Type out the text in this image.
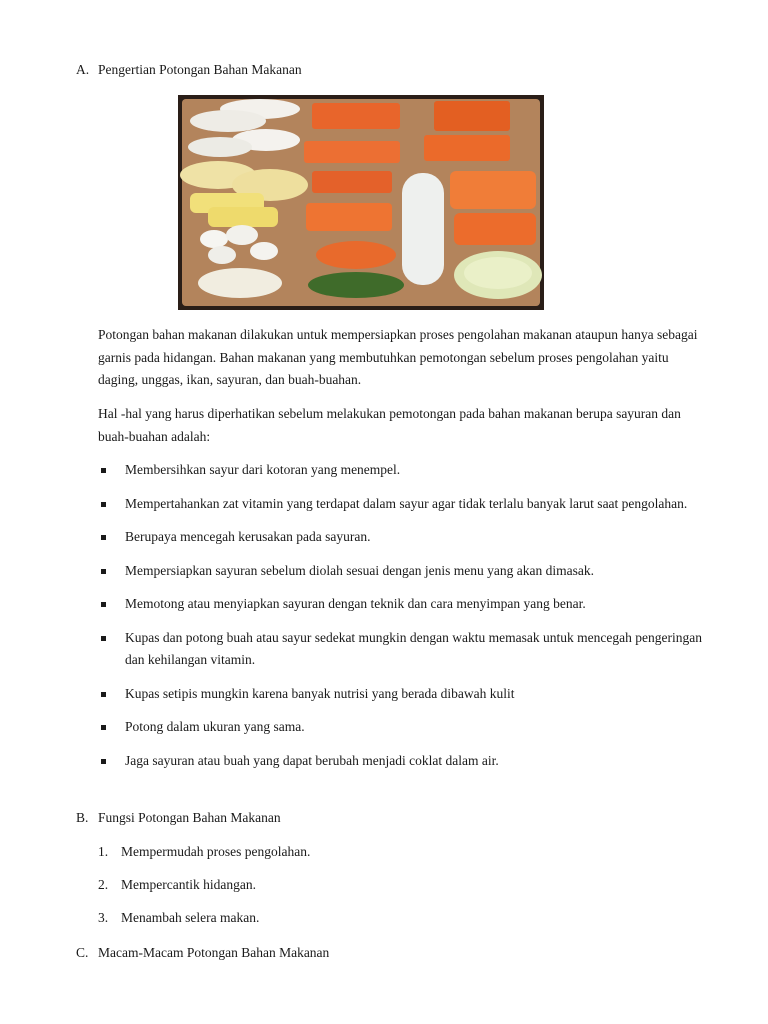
A. Pengertian Potongan Bahan Makanan
Potongan bahan makanan dilakukan untuk mempersiapkan proses pengolahan makanan ataupun hanya sebagai garnis pada hidangan. Bahan makanan yang membutuhkan pemotongan sebelum proses pengolahan yaitu daging, unggas, ikan, sayuran, dan buah-buahan.
Hal -hal yang harus diperhatikan sebelum melakukan pemotongan pada bahan makanan berupa sayuran dan buah-buahan adalah:
Membersihkan sayur dari kotoran yang menempel.
Mempertahankan zat vitamin yang terdapat dalam sayur agar tidak terlalu banyak larut saat pengolahan.
Berupaya mencegah kerusakan pada sayuran.
Mempersiapkan sayuran sebelum diolah sesuai dengan jenis menu yang akan dimasak.
Memotong atau menyiapkan sayuran dengan teknik dan cara menyimpan yang benar.
Kupas dan potong buah atau sayur sedekat mungkin dengan waktu memasak untuk mencegah pengeringan dan kehilangan vitamin.
Kupas setipis mungkin karena banyak nutrisi yang berada dibawah kulit
Potong dalam ukuran yang sama.
Jaga sayuran atau buah yang dapat berubah menjadi coklat dalam air.
B. Fungsi Potongan Bahan Makanan
1. Mempermudah proses pengolahan.
2. Mempercantik hidangan.
3. Menambah selera makan.
C. Macam-Macam Potongan Bahan Makanan
